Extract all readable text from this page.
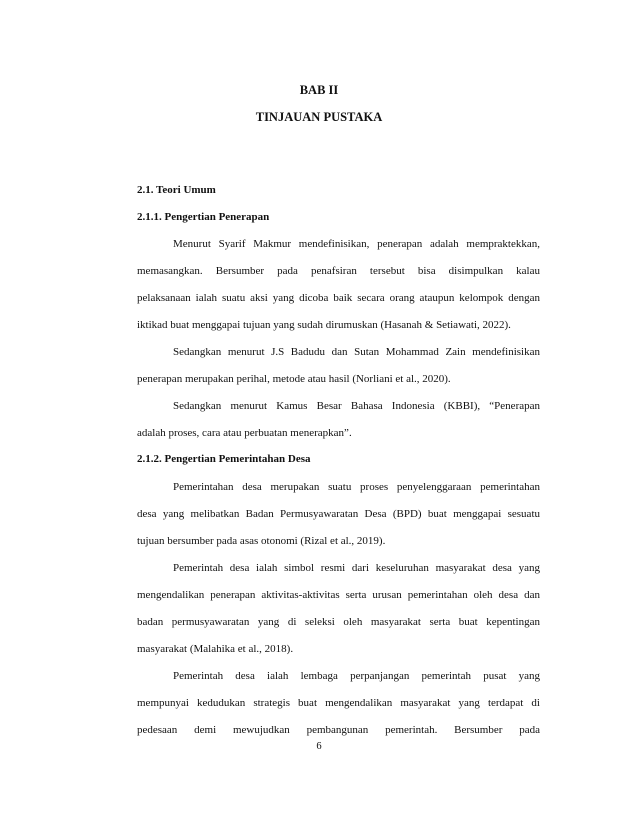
BAB II
TINJAUAN PUSTAKA
2.1. Teori Umum
2.1.1. Pengertian Penerapan
Menurut Syarif Makmur mendefinisikan, penerapan adalah mempraktekkan,
memasangkan. Bersumber pada penafsiran tersebut bisa disimpulkan kalau
pelaksanaan ialah suatu aksi yang dicoba baik secara orang ataupun kelompok dengan
iktikad buat menggapai tujuan yang sudah dirumuskan (Hasanah & Setiawati, 2022).
Sedangkan menurut J.S Badudu dan Sutan Mohammad Zain mendefinisikan
penerapan merupakan perihal, metode atau hasil (Norliani et al., 2020).
Sedangkan menurut Kamus Besar Bahasa Indonesia (KBBI), “Penerapan
adalah proses, cara atau perbuatan menerapkan”.
2.1.2. Pengertian Pemerintahan Desa
Pemerintahan desa merupakan suatu proses penyelenggaraan pemerintahan
desa yang melibatkan Badan Permusyawaratan Desa (BPD) buat menggapai sesuatu
tujuan bersumber pada asas otonomi (Rizal et al., 2019).
Pemerintah desa ialah simbol resmi dari keseluruhan masyarakat desa yang
mengendalikan penerapan aktivitas-aktivitas serta urusan pemerintahan oleh desa dan
badan permusyawaratan yang di seleksi oleh masyarakat serta buat kepentingan
masyarakat (Malahika et al., 2018).
Pemerintah desa ialah lembaga perpanjangan pemerintah pusat yang
mempunyai kedudukan strategis buat mengendalikan masyarakat yang terdapat di
pedesaan demi mewujudkan pembangunan pemerintah. Bersumber pada
6
